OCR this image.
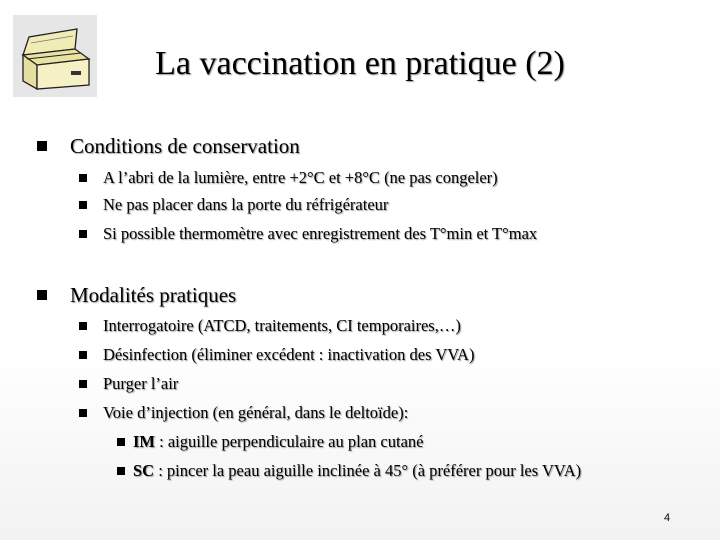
La vaccination en pratique (2)
Conditions de conservation
A l’abri de la lumière, entre +2°C et +8°C (ne pas congeler)
Ne pas placer dans la porte du réfrigérateur
Si possible thermomètre avec enregistrement des T°min et T°max
Modalités pratiques
Interrogatoire (ATCD, traitements, CI temporaires,…)
Désinfection (éliminer excédent : inactivation des VVA)
Purger l’air
Voie d’injection (en général, dans le deltoïde):
IM : aiguille perpendiculaire au plan cutané
SC : pincer la peau aiguille inclinée à 45° (à préférer pour les VVA)
4
